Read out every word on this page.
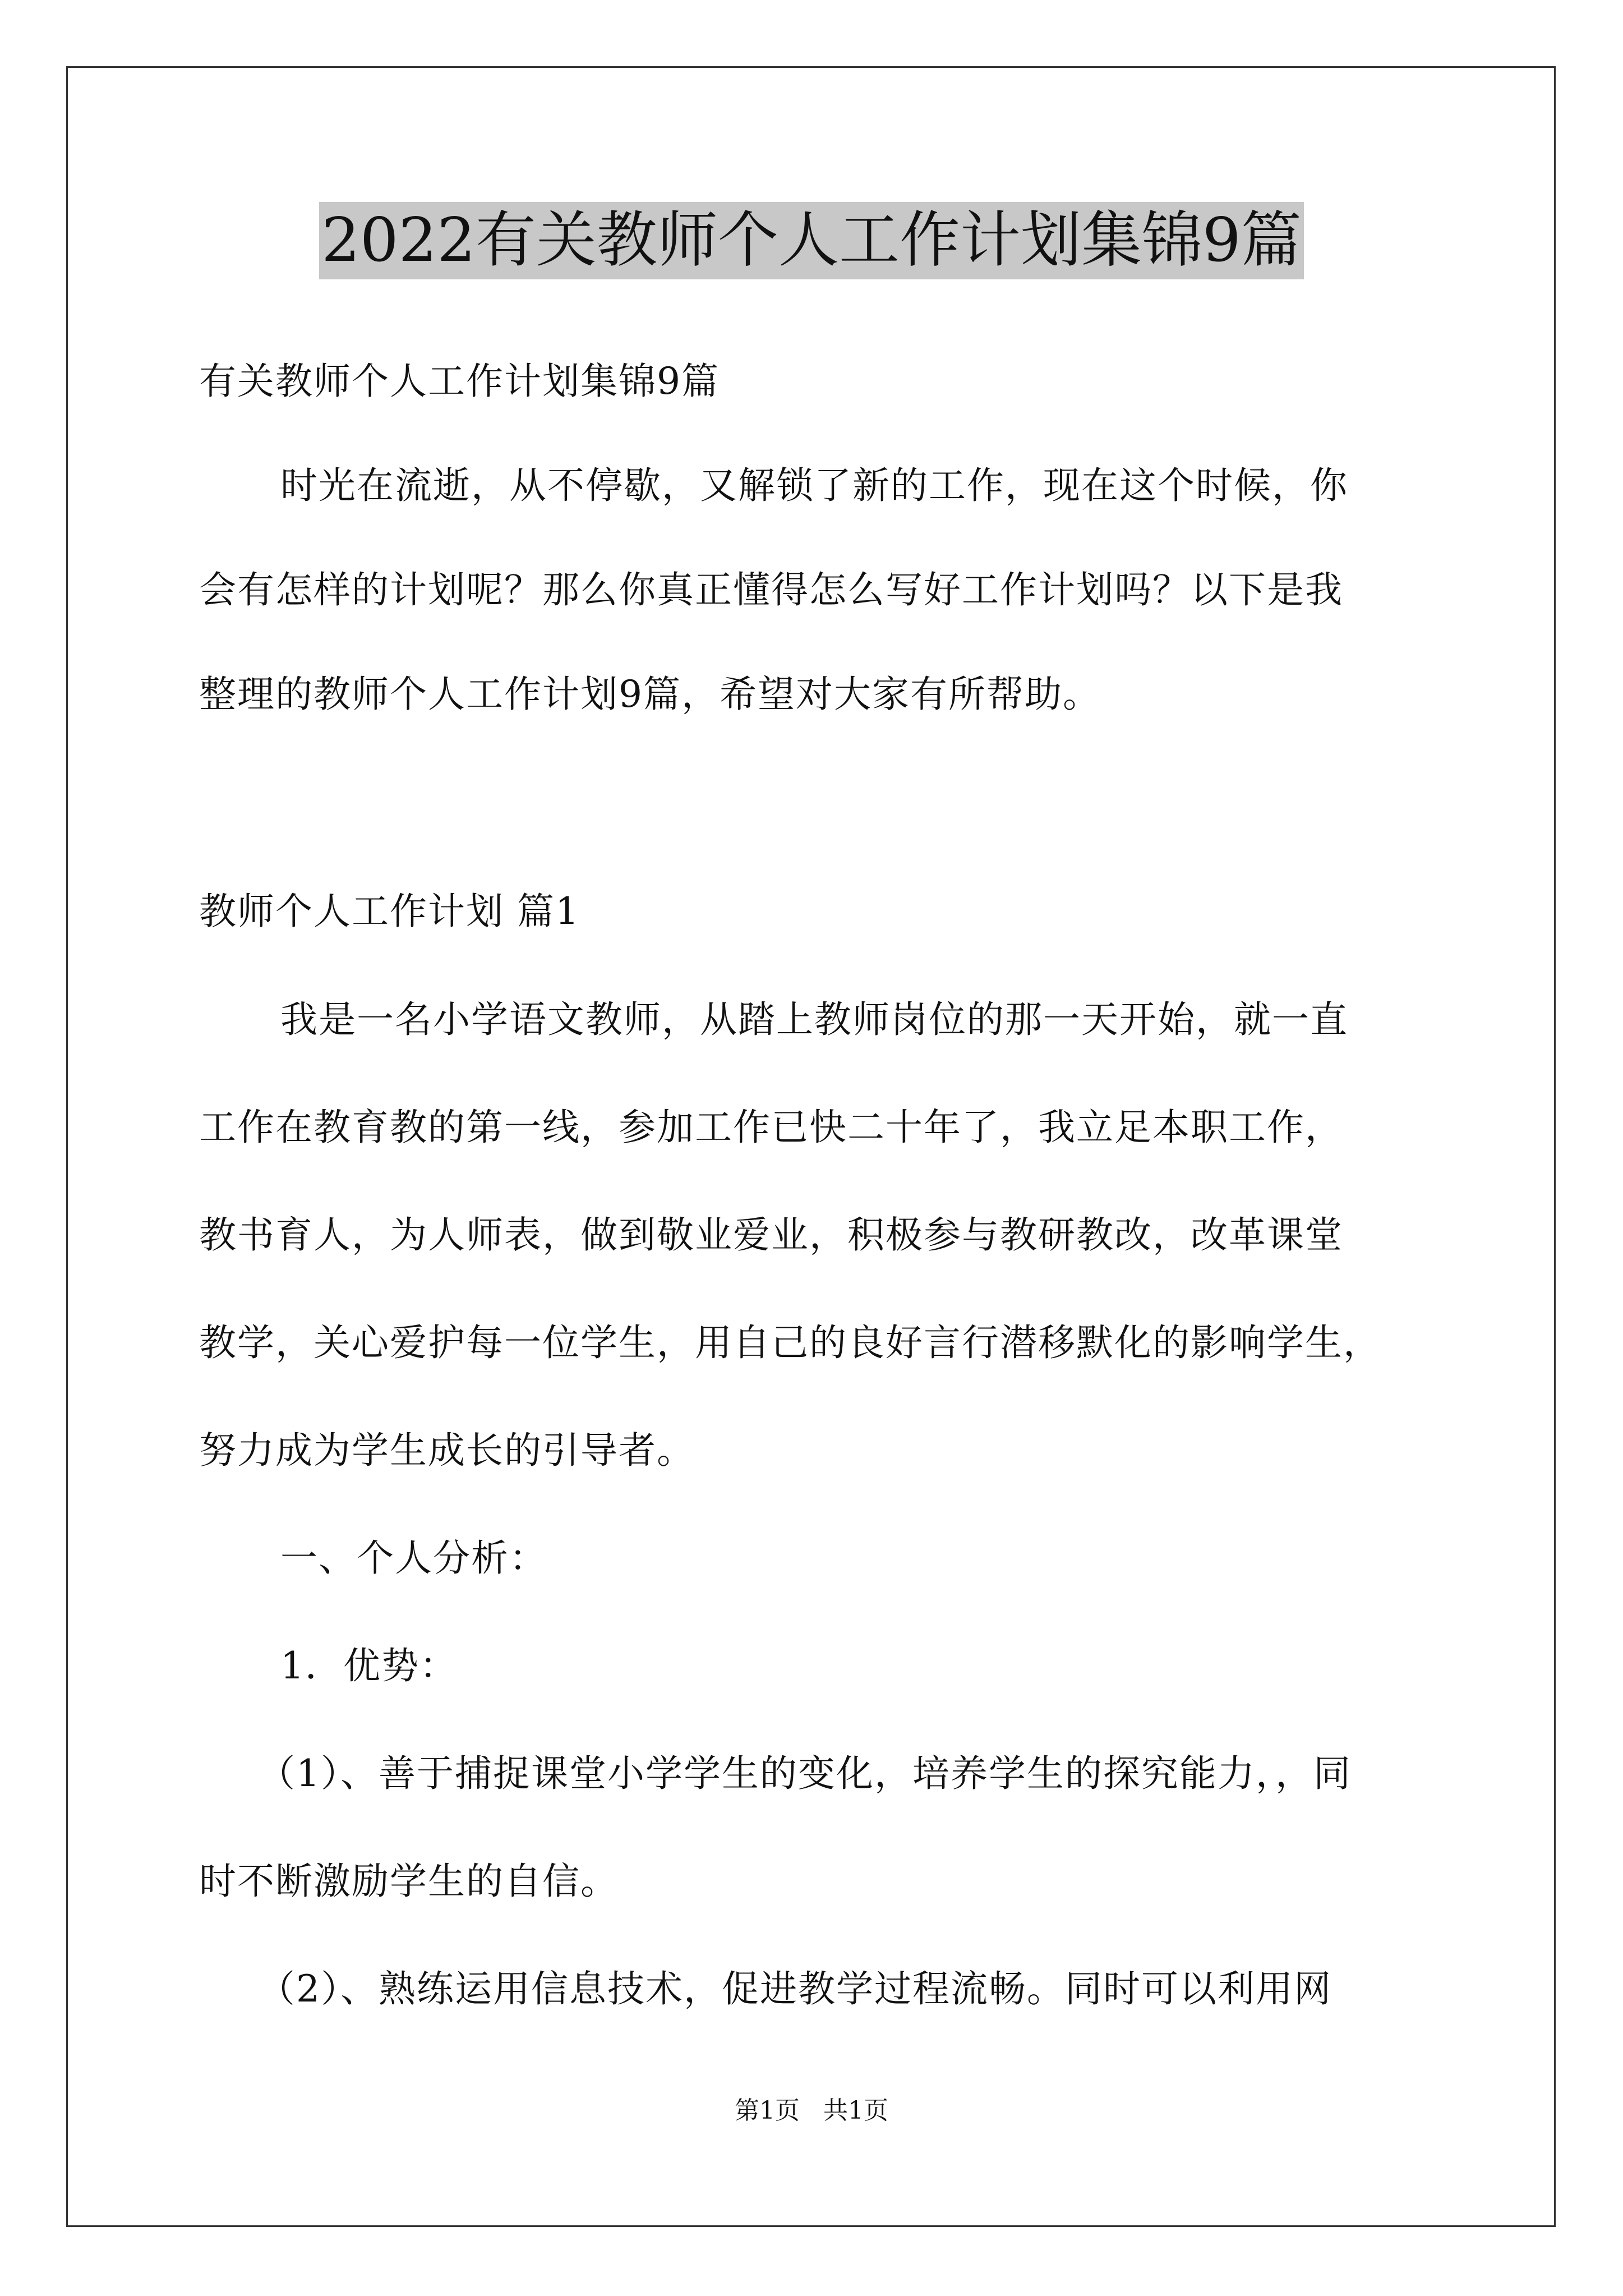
2022有关教师个人工作计划集锦9篇
有关教师个人工作计划集锦9篇
时光在流逝，从不停歇，又解锁了新的工作，现在这个时候，你
会有怎样的计划呢？那么你真正懂得怎么写好工作计划吗？以下是我
整理的教师个人工作计划9篇，希望对大家有所帮助。
教师个人工作计划 篇1
我是一名小学语文教师，从踏上教师岗位的那一天开始，就一直
工作在教育教的第一线，参加工作已快二十年了，我立足本职工作，
教书育人，为人师表，做到敬业爱业，积极参与教研教改，改革课堂
教学，关心爱护每一位学生，用自己的良好言行潜移默化的影响学生，
努力成为学生成长的引导者。
一、个人分析：
1．优势：
（1）、善于捕捉课堂小学学生的变化，培养学生的探究能力，，同
时不断激励学生的自信。
（2）、熟练运用信息技术，促进教学过程流畅。同时可以利用网
第1页   共1页
